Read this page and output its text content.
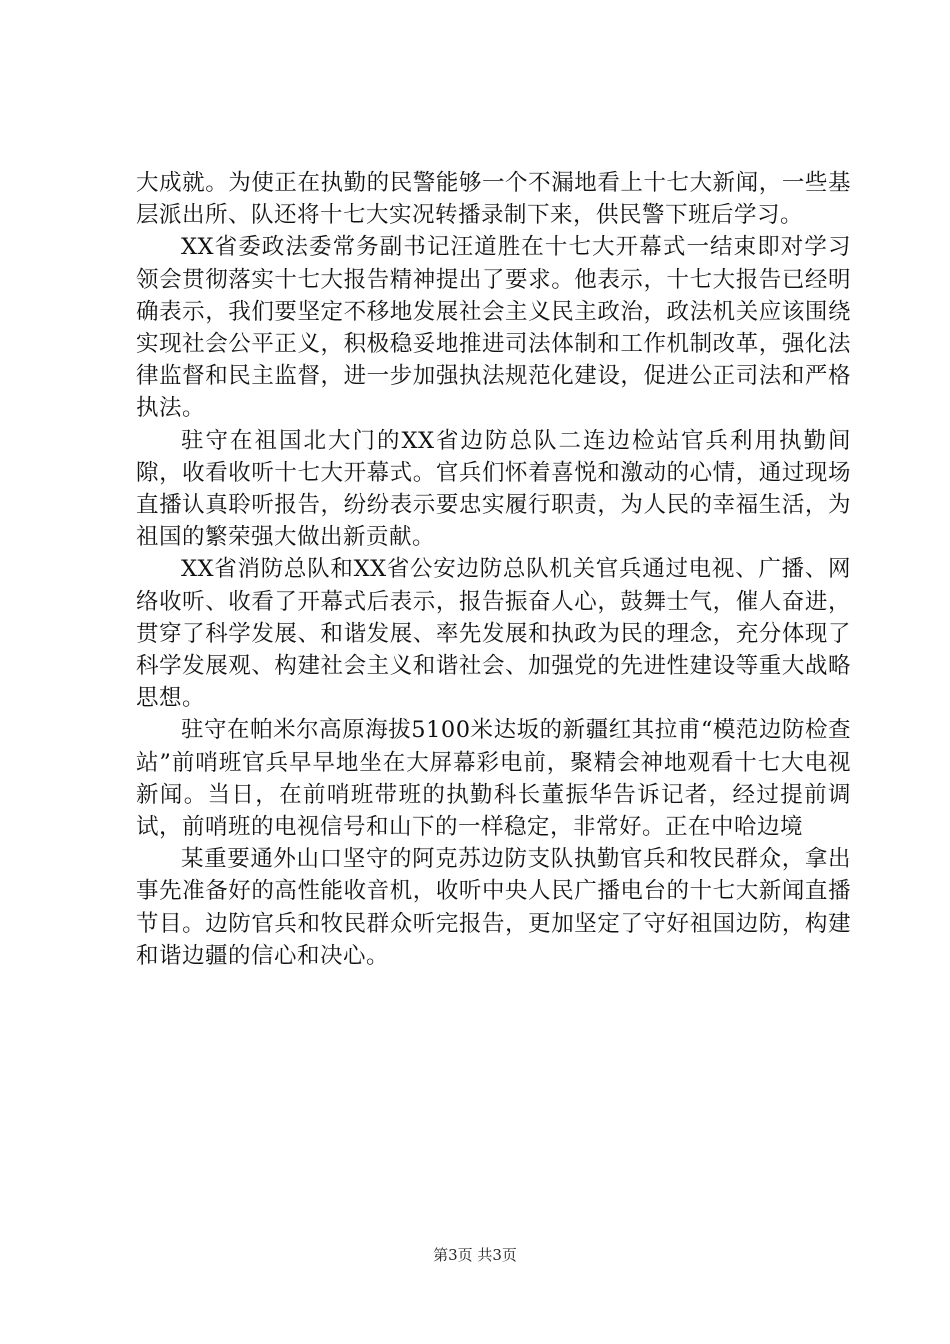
大成就。为使正在执勤的民警能够一个不漏地看上十七大新闻，一些基层派出所、队还将十七大实况转播录制下来，供民警下班后学习。

XX省委政法委常务副书记汪道胜在十七大开幕式一结束即对学习领会贯彻落实十七大报告精神提出了要求。他表示，十七大报告已经明确表示，我们要坚定不移地发展社会主义民主政治，政法机关应该围绕实现社会公平正义，积极稳妥地推进司法体制和工作机制改革，强化法律监督和民主监督，进一步加强执法规范化建设，促进公正司法和严格执法。

驻守在祖国北大门的XX省边防总队二连边检站官兵利用执勤间隙，收看收听十七大开幕式。官兵们怀着喜悦和激动的心情，通过现场直播认真聆听报告，纷纷表示要忠实履行职责，为人民的幸福生活，为祖国的繁荣强大做出新贡献。

XX省消防总队和XX省公安边防总队机关官兵通过电视、广播、网络收听、收看了开幕式后表示，报告振奋人心，鼓舞士气，催人奋进，贯穿了科学发展、和谐发展、率先发展和执政为民的理念，充分体现了科学发展观、构建社会主义和谐社会、加强党的先进性建设等重大战略思想。

驻守在帕米尔高原海拔5100米达坂的新疆红其拉甫“模范边防检查站”前哨班官兵早早地坐在大屏幕彩电前，聚精会神地观看十七大电视新闻。当日，在前哨班带班的执勤科长董振华告诉记者，经过提前调试，前哨班的电视信号和山下的一样稳定，非常好。正在中哈边境

某重要通外山口坚守的阿克苏边防支队执勤官兵和牧民群众，拿出事先准备好的高性能收音机，收听中央人民广播电台的十七大新闻直播节目。边防官兵和牧民群众听完报告，更加坚定了守好祖国边防，构建和谐边疆的信心和决心。

第3页 共3页
